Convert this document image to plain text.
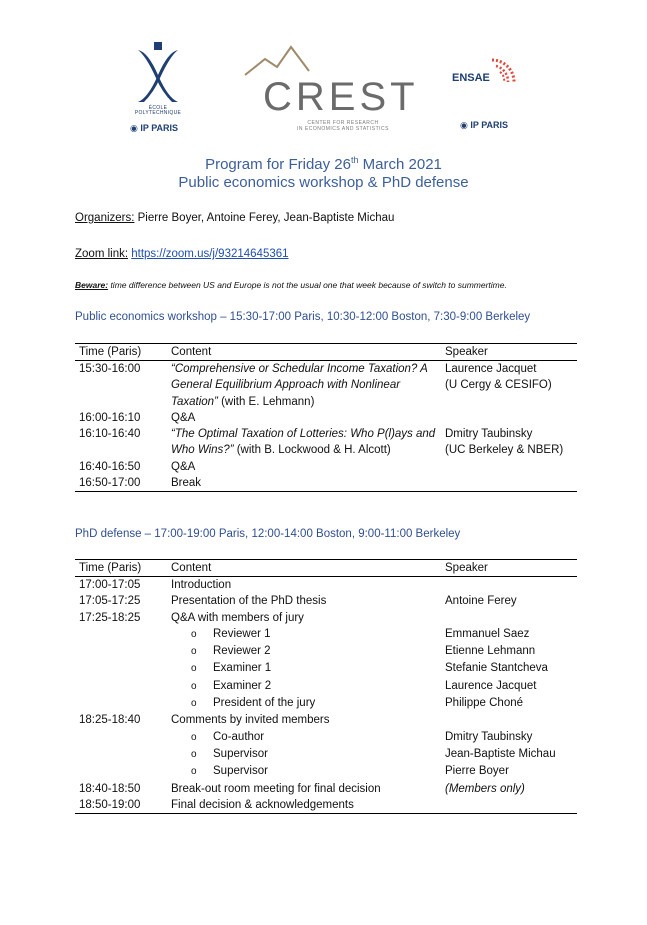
ÉCOLE
POLYTECHNIQUE
◉ IP PARIS
CREST
CENTER FOR RESEARCH
IN ECONOMICS AND STATISTICS
ENSAE
◉ IP PARIS
Program for Friday 26th March 2021
Public economics workshop & PhD defense
Organizers: Pierre Boyer, Antoine Ferey, Jean-Baptiste Michau
Zoom link: https://zoom.us/j/93214645361
Beware: time difference between US and Europe is not the usual one that week because of switch to summertime.
Public economics workshop – 15:30-17:00 Paris, 10:30-12:00 Boston, 7:30-9:00 Berkeley
Time (Paris)	Content	Speaker
15:30-16:00	“Comprehensive or Schedular Income Taxation? A General Equilibrium Approach with Nonlinear Taxation” (with E. Lehmann)	Laurence Jacquet
(U Cergy & CESIFO)

16:00-16:10	Q&A	
16:10-16:40	“The Optimal Taxation of Lotteries: Who P(l)ays and Who Wins?” (with B. Lockwood & H. Alcott)	Dmitry Taubinsky
(UC Berkeley & NBER)

16:40-16:50	Q&A	
16:50-17:00	Break	
PhD defense – 17:00-19:00 Paris, 12:00-14:00 Boston, 9:00-11:00 Berkeley
Time (Paris)	Content	Speaker
17:00-17:05	Introduction	
17:05-17:25	Presentation of the PhD thesis	Antoine Ferey
17:25-18:25	Q&A with members of jury	
	o Reviewer 1	Emmanuel Saez
	o Reviewer 2	Etienne Lehmann
	o Examiner 1	Stefanie Stantcheva
	o Examiner 2	Laurence Jacquet
	o President of the jury	Philippe Choné
18:25-18:40	Comments by invited members	
	o Co-author	Dmitry Taubinsky
	o Supervisor	Jean-Baptiste Michau
	o Supervisor	Pierre Boyer
18:40-18:50	Break-out room meeting for final decision	(Members only)
18:50-19:00	Final decision & acknowledgements	
